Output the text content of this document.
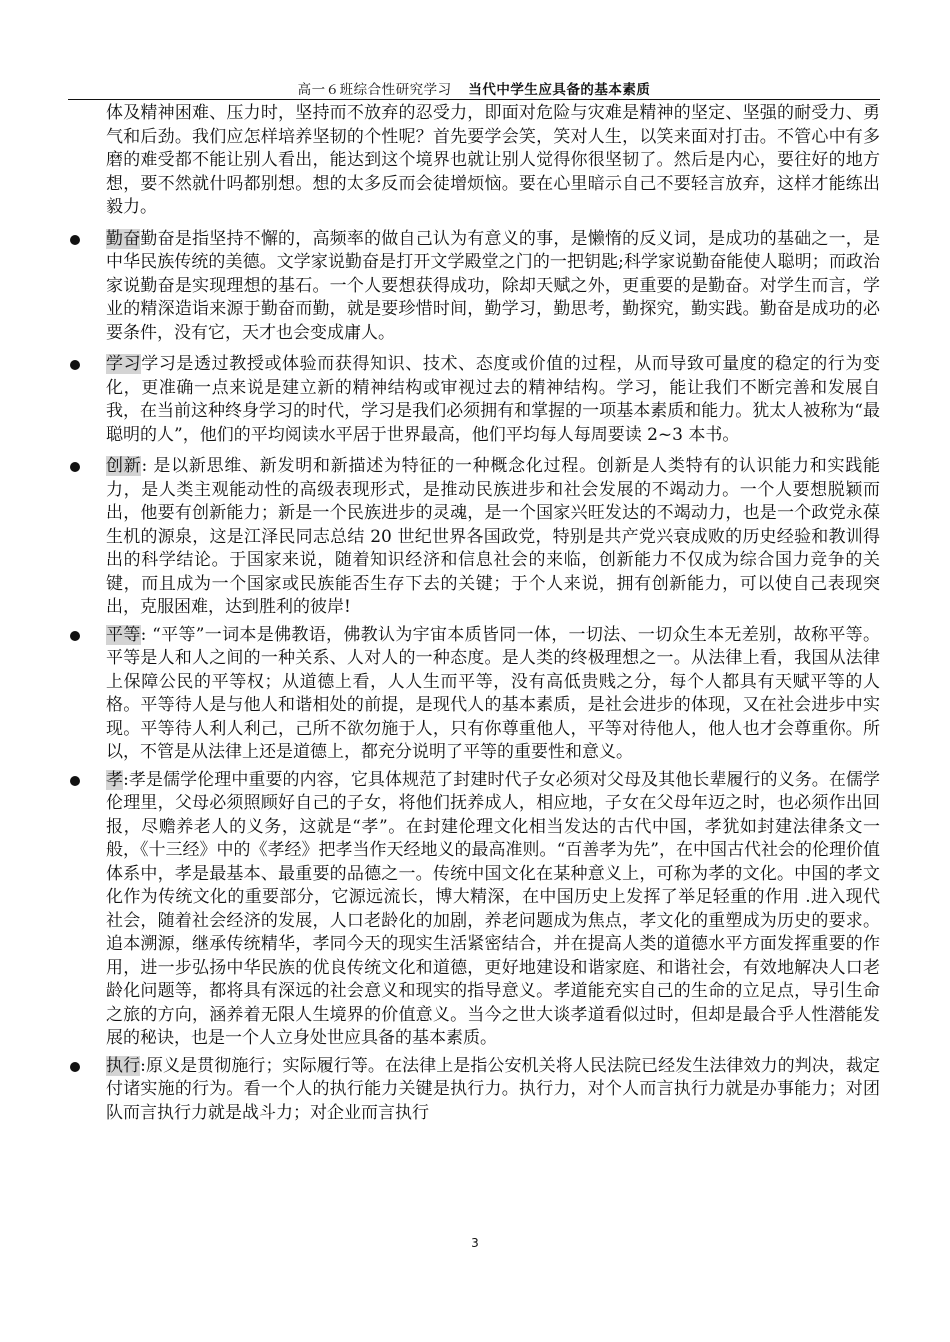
高一６班综合性研究学习 当代中学生应具备的基本素质

体及精神困难、压力时，坚持而不放弃的忍受力，即面对危险与灾难是精神的坚定、坚强的耐受力、勇气和后劲。我们应怎样培养坚韧的个性呢？首先要学会笑，笑对人生，以笑来面对打击。不管心中有多磨的难受都不能让别人看出，能达到这个境界也就让别人觉得你很坚韧了。然后是内心，要往好的地方想，要不然就什吗都别想。想的太多反而会徒增烦恼。要在心里暗示自己不要轻言放弃，这样才能练出毅力。

勤奋勤奋是指坚持不懈的，高频率的做自己认为有意义的事，是懒惰的反义词，是成功的基础之一，是中华民族传统的美德。文学家说勤奋是打开文学殿堂之门的一把钥匙;科学家说勤奋能使人聪明；而政治家说勤奋是实现理想的基石。一个人要想获得成功，除却天赋之外，更重要的是勤奋。对学生而言，学业的精深造诣来源于勤奋而勤，就是要珍惜时间，勤学习，勤思考，勤探究，勤实践。勤奋是成功的必要条件，没有它，天才也会变成庸人。
学习学习是透过教授或体验而获得知识、技术、态度或价值的过程，从而导致可量度的稳定的行为变化，更准确一点来说是建立新的精神结构或审视过去的精神结构。学习，能让我们不断完善和发展自我，在当前这种终身学习的时代，学习是我们必须拥有和掌握的一项基本素质和能力。犹太人被称为“最聪明的人”，他们的平均阅读水平居于世界最高，他们平均每人每周要读 2~3 本书。
创新: 是以新思维、新发明和新描述为特征的一种概念化过程。创新是人类特有的认识能力和实践能力，是人类主观能动性的高级表现形式，是推动民族进步和社会发展的不竭动力。一个人要想脱颖而出，他要有创新能力；新是一个民族进步的灵魂，是一个国家兴旺发达的不竭动力，也是一个政党永葆生机的源泉，这是江泽民同志总结 20 世纪世界各国政党，特别是共产党兴衰成败的历史经验和教训得出的科学结论。于国家来说，随着知识经济和信息社会的来临，创新能力不仅成为综合国力竞争的关键，而且成为一个国家或民族能否生存下去的关键；于个人来说，拥有创新能力，可以使自己表现突出，克服困难，达到胜利的彼岸!
平等: “平等”一词本是佛教语，佛教认为宇宙本质皆同一体，一切法、一切众生本无差别，故称平等。平等是人和人之间的一种关系、人对人的一种态度。是人类的终极理想之一。从法律上看，我国从法律上保障公民的平等权；从道德上看，人人生而平等，没有高低贵贱之分，每个人都具有天赋平等的人格。平等待人是与他人和谐相处的前提，是现代人的基本素质，是社会进步的体现，又在社会进步中实现。平等待人利人利己，己所不欲勿施于人，只有你尊重他人，平等对待他人，他人也才会尊重你。所以，不管是从法律上还是道德上，都充分说明了平等的重要性和意义。
孝:孝是儒学伦理中重要的内容，它具体规范了封建时代子女必须对父母及其他长辈履行的义务。在儒学伦理里，父母必须照顾好自己的子女，将他们抚养成人，相应地，子女在父母年迈之时，也必须作出回报，尽赡养老人的义务，这就是“孝”。在封建伦理文化相当发达的古代中国，孝犹如封建法律条文一般，《十三经》中的《孝经》把孝当作天经地义的最高准则。“百善孝为先”，在中国古代社会的伦理价值体系中，孝是最基本、最重要的品德之一。传统中国文化在某种意义上，可称为孝的文化。中国的孝文化作为传统文化的重要部分，它源远流长，博大精深，在中国历史上发挥了举足轻重的作用 .进入现代社会，随着社会经济的发展，人口老龄化的加剧，养老问题成为焦点，孝文化的重塑成为历史的要求。追本溯源，继承传统精华，孝同今天的现实生活紧密结合，并在提高人类的道德水平方面发挥重要的作用，进一步弘扬中华民族的优良传统文化和道德，更好地建设和谐家庭、和谐社会，有效地解决人口老龄化问题等，都将具有深远的社会意义和现实的指导意义。孝道能充实自己的生命的立足点，导引生命之旅的方向，涵养着无限人生境界的价值意义。当今之世大谈孝道看似过时，但却是最合乎人性潜能发展的秘诀，也是一个人立身处世应具备的基本素质。
执行:原义是贯彻施行；实际履行等。在法律上是指公安机关将人民法院已经发生法律效力的判决，裁定付诸实施的行为。看一个人的执行能力关键是执行力。执行力，对个人而言执行力就是办事能力；对团队而言执行力就是战斗力；对企业而言执行
3
